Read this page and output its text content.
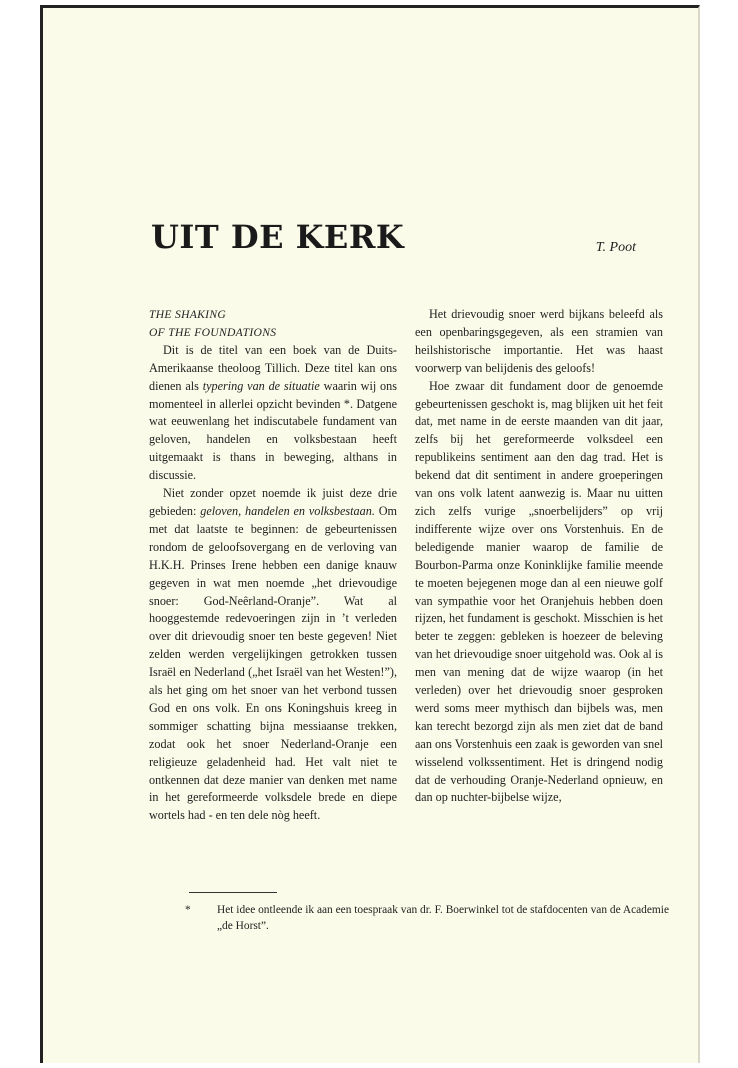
UIT DE KERK	T. Poot

THE SHAKING

OF THE FOUNDATIONS

Dit is de titel van een boek van de Duits-Amerikaanse theoloog Tillich. Deze titel kan ons dienen als typering van de situatie waarin wij ons momenteel in allerlei opzicht bevinden *. Datgene wat eeuwenlang het indiscutabele fundament van geloven, handelen en volksbestaan heeft uitgemaakt is thans in beweging, althans in discussie.

Niet zonder opzet noemde ik juist deze drie gebieden: geloven, handelen en volksbestaan. Om met dat laatste te beginnen: de gebeurtenissen rondom de geloofsovergang en de verloving van H.K.H. Prinses Irene hebben een danige knauw gegeven in wat men noemde „het drievoudige snoer: God-Neêrland-Oranje”. Wat al hooggestemde redevoeringen zijn in ’t verleden over dit drievoudig snoer ten beste gegeven! Niet zelden werden vergelijkingen getrokken tussen Israël en Nederland („het Israël van het Westen!”), als het ging om het snoer van het verbond tussen God en ons volk. En ons Koningshuis kreeg in sommiger schatting bijna messiaanse trekken, zodat ook het snoer Nederland-Oranje een religieuze geladenheid had. Het valt niet te ontkennen dat deze manier van denken met name in het gereformeerde volksdele brede en diepe wortels had - en ten dele nòg heeft.

Het drievoudig snoer werd bijkans beleefd als een openbaringsgegeven, als een stramien van heilshistorische importantie. Het was haast voorwerp van belijdenis des geloofs!

Hoe zwaar dit fundament door de genoemde gebeurtenissen geschokt is, mag blijken uit het feit dat, met name in de eerste maanden van dit jaar, zelfs bij het gereformeerde volksdeel een republikeins sentiment aan den dag trad. Het is bekend dat dit sentiment in andere groeperingen van ons volk latent aanwezig is. Maar nu uitten zich zelfs vurige „snoerbelijders” op vrij indifferente wijze over ons Vorstenhuis. En de beledigende manier waarop de familie de Bourbon-Parma onze Koninklijke familie meende te moeten bejegenen moge dan al een nieuwe golf van sympathie voor het Oranjehuis hebben doen rijzen, het fundament is geschokt. Misschien is het beter te zeggen: gebleken is hoezeer de beleving van het drievoudige snoer uitgehold was. Ook al is men van mening dat de wijze waarop (in het verleden) over het drievoudig snoer gesproken werd soms meer mythisch dan bijbels was, men kan terecht bezorgd zijn als men ziet dat de band aan ons Vorstenhuis een zaak is geworden van snel wisselend volkssentiment. Het is dringend nodig dat de verhouding Oranje-Nederland opnieuw, en dan op nuchter-bijbelse wijze,

* Het idee ontleende ik aan een toespraak van dr. F. Boerwinkel tot de stafdocenten van de Academie „de Horst”.
